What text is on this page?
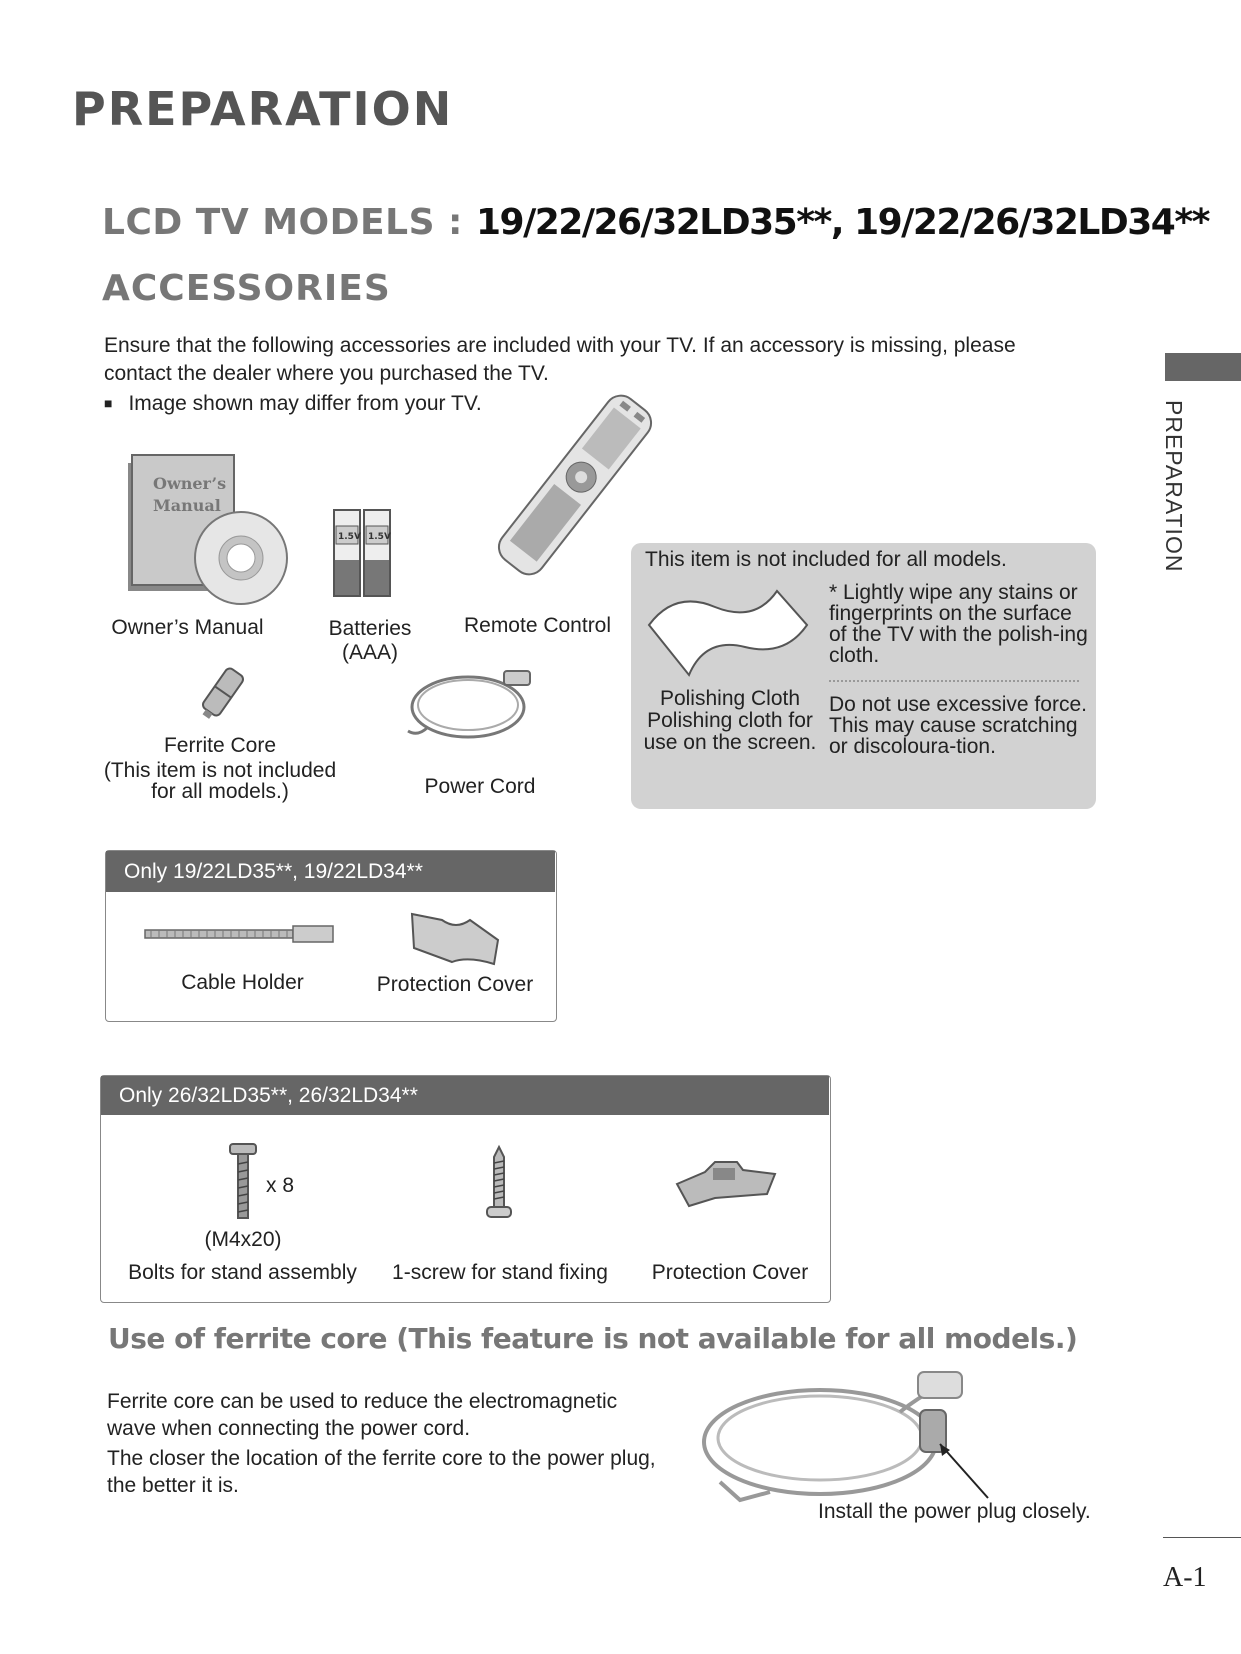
PREPARATION
LCD TV MODELS : 19/22/26/32LD35**, 19/22/26/32LD34**
ACCESSORIES
Ensure that the following accessories are included with your TV. If an accessory is missing, please contact the dealer where you purchased the TV.
■ Image shown may differ from your TV.	PREPARATION
Owner’s
Manual
Owner’s Manual
1.5V 1.5V
Batteries
(AAA)
Remote Control
Ferrite Core
(This item is not included
for all models.)	Power Cord
This item is not included for all models.
* Lightly wipe any stains or fingerprints on the surface of the TV with the polish-ing cloth.
Do not use excessive force. This may cause scratching or discoloura-tion.
Polishing Cloth
Polishing cloth for use on the screen.
Only 19/22LD35**, 19/22LD34**
Cable Holder	Protection Cover
Only 26/32LD35**, 26/32LD34**
x 8
(M4x20)
Bolts for stand assembly	1-screw for stand fixing	Protection Cover
Use of ferrite core (This feature is not available for all models.)
Ferrite core can be used to reduce the electromagnetic wave when connecting the power cord.
The closer the location of the ferrite core to the power plug, the better it is.
Install the power plug closely.
A-1
